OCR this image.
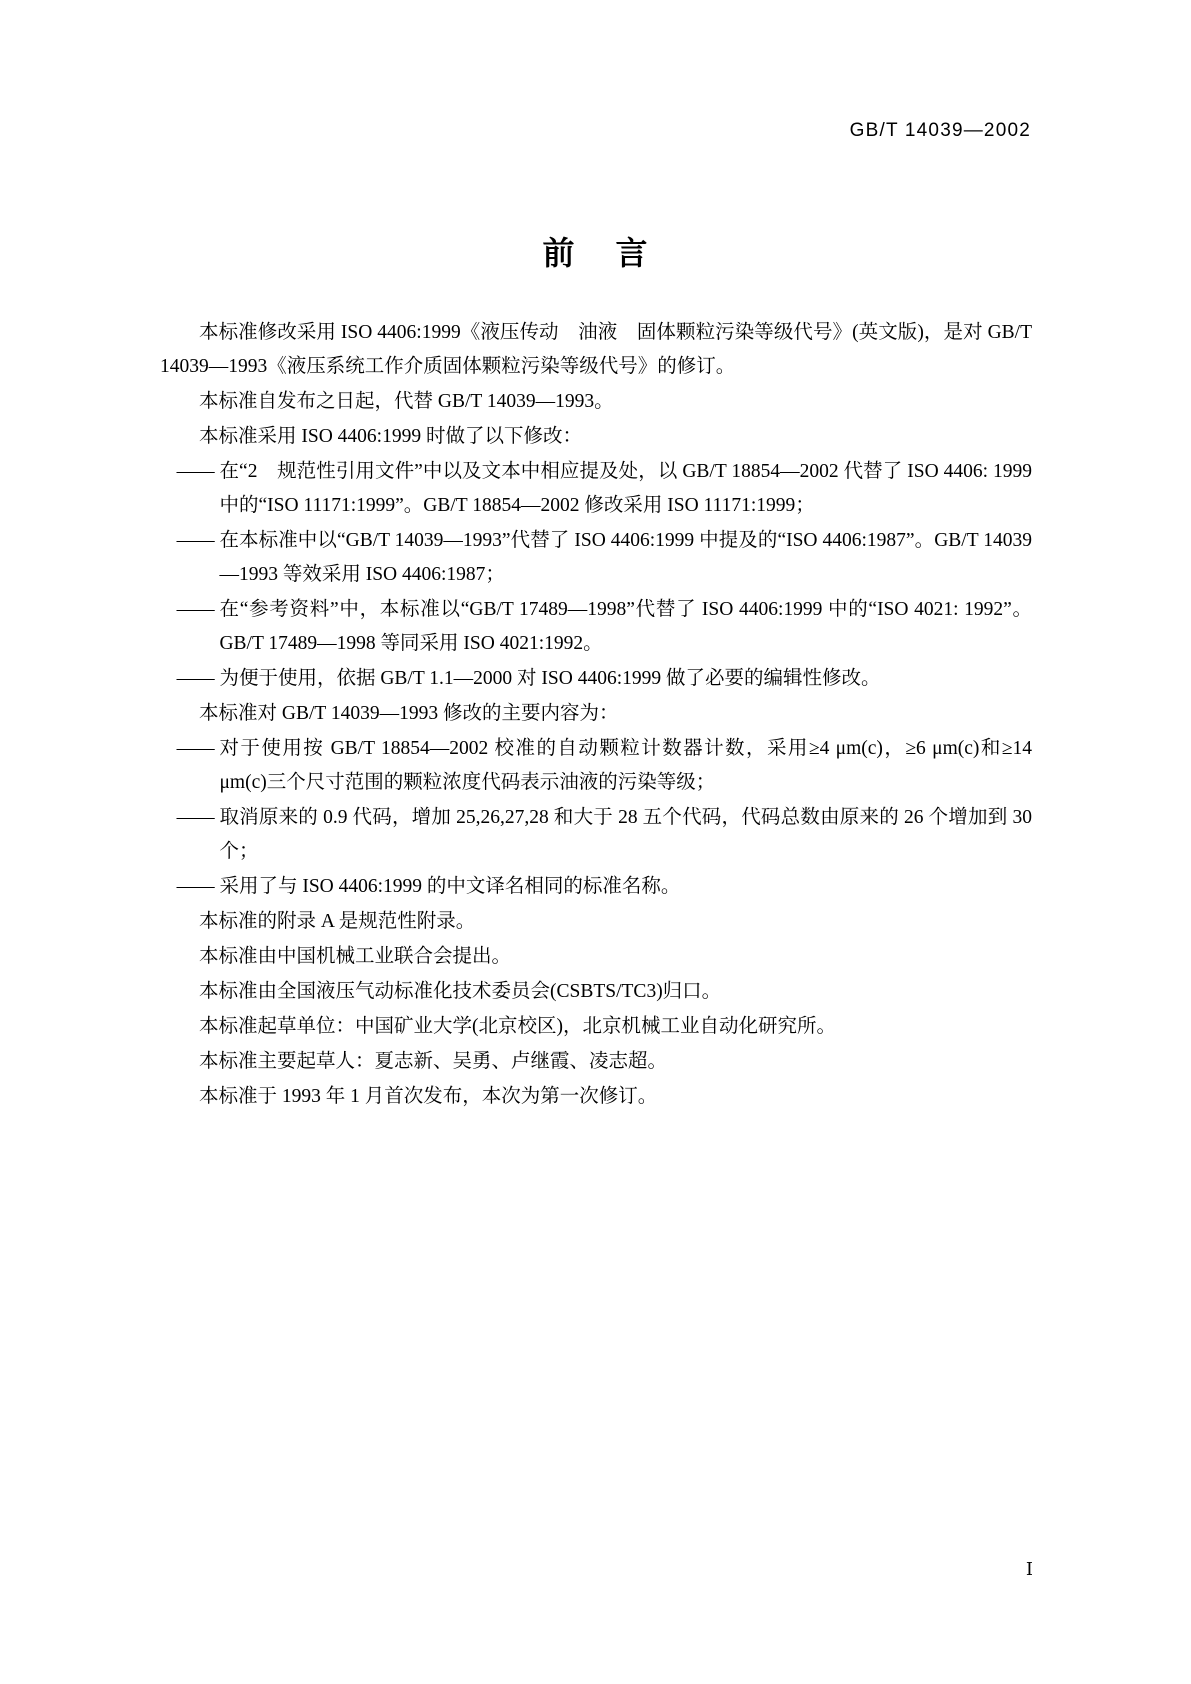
GB/T 14039—2002
前 言

本标准修改采用 ISO 4406:1999《液压传动　油液　固体颗粒污染等级代号》(英文版)，是对 GB/T 14039—1993《液压系统工作介质固体颗粒污染等级代号》的修订。

本标准自发布之日起，代替 GB/T 14039—1993。

本标准采用 ISO 4406:1999 时做了以下修改：

—— 在“2　规范性引用文件”中以及文本中相应提及处，以 GB/T 18854—2002 代替了 ISO 4406: 1999 中的“ISO 11171:1999”。GB/T 18854—2002 修改采用 ISO 11171:1999；
—— 在本标准中以“GB/T 14039—1993”代替了 ISO 4406:1999 中提及的“ISO 4406:1987”。GB/T 14039—1993 等效采用 ISO 4406:1987；
—— 在“参考资料”中，本标准以“GB/T 17489—1998”代替了 ISO 4406:1999 中的“ISO 4021: 1992”。GB/T 17489—1998 等同采用 ISO 4021:1992。
—— 为便于使用，依据 GB/T 1.1—2000 对 ISO 4406:1999 做了必要的编辑性修改。

本标准对 GB/T 14039—1993 修改的主要内容为：

—— 对于使用按 GB/T 18854—2002 校准的自动颗粒计数器计数，采用≥4 μm(c)，≥6 μm(c)和≥14 μm(c)三个尺寸范围的颗粒浓度代码表示油液的污染等级；
—— 取消原来的 0.9 代码，增加 25,26,27,28 和大于 28 五个代码，代码总数由原来的 26 个增加到 30 个；
—— 采用了与 ISO 4406:1999 的中文译名相同的标准名称。

本标准的附录 A 是规范性附录。

本标准由中国机械工业联合会提出。

本标准由全国液压气动标准化技术委员会(CSBTS/TC3)归口。

本标准起草单位：中国矿业大学(北京校区)，北京机械工业自动化研究所。

本标准主要起草人：夏志新、吴勇、卢继霞、凌志超。

本标准于 1993 年 1 月首次发布，本次为第一次修订。

Ⅰ
